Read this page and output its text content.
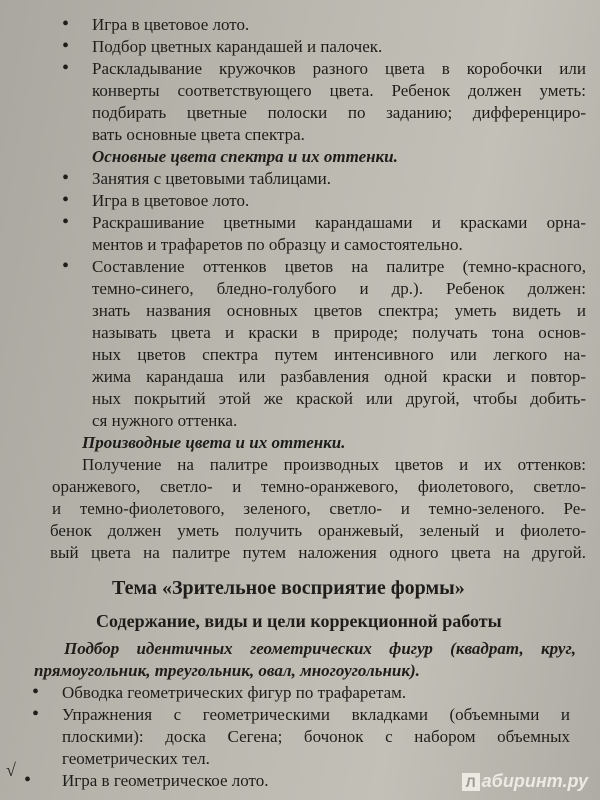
•	Игра в цветовое лото.
•	Подбор цветных карандашей и палочек.
•	Раскладывание кружочков разного цвета в коробочки или
конверты соответствующего цвета. Ребенок должен уметь:
подбирать цветные полоски по заданию; дифференциро-
вать основные цвета спектра.
Основные цвета спектра и их оттенки.
•	Занятия с цветовыми таблицами.
•	Игра в цветовое лото.
•	Раскрашивание цветными карандашами и красками орна-
ментов и трафаретов по образцу и самостоятельно.
•	Составление оттенков цветов на палитре (темно-красного,
темно-синего, бледно-голубого и др.). Ребенок должен:
знать названия основных цветов спектра; уметь видеть и
называть цвета и краски в природе; получать тона основ-
ных цветов спектра путем интенсивного или легкого на-
жима карандаша или разбавления одной краски и повтор-
ных покрытий этой же краской или другой, чтобы добить-
ся нужного оттенка.
Производные цвета и их оттенки.
Получение на палитре производных цветов и их оттенков:
оранжевого, светло- и темно-оранжевого, фиолетового, светло-
и темно-фиолетового, зеленого, светло- и темно-зеленого. Ре-
бенок должен уметь получить оранжевый, зеленый и фиолето-
вый цвета на палитре путем наложения одного цвета на другой.
Тема «Зрительное восприятие формы»
Содержание, виды и цели коррекционной работы
Подбор идентичных геометрических фигур (квадрат, круг,
прямоугольник, треугольник, овал, многоугольник).
•	Обводка геометрических фигур по трафаретам.
•	Упражнения с геометрическими вкладками (объемными и
плоскими): доска Сегена; бочонок с набором объемных
геометрических тел.
√ •	Игра в геометрическое лото.	Л абиринт.ру
